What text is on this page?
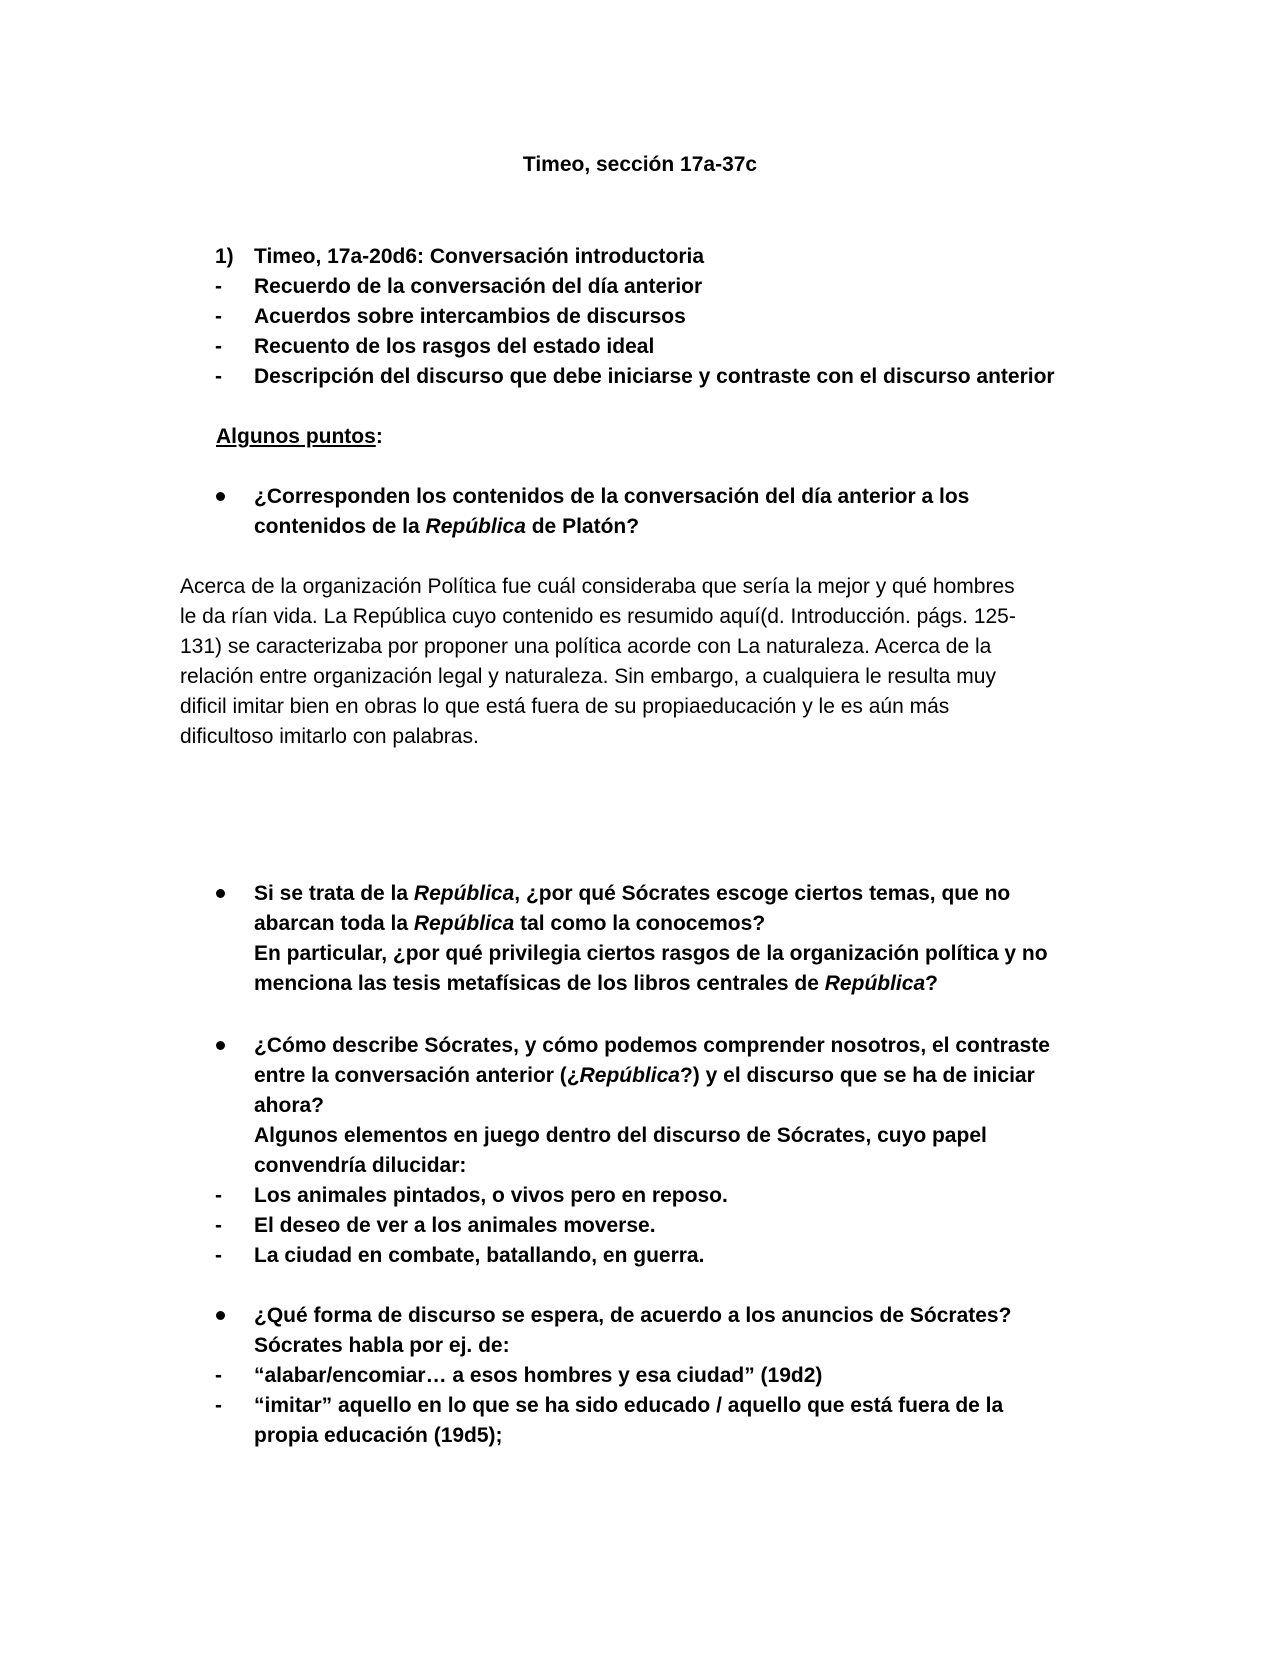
Timeo, sección 17a-37c
1) Timeo, 17a-20d6: Conversación introductoria
- Recuerdo de la conversación del día anterior
- Acuerdos sobre intercambios de discursos
- Recuento de los rasgos del estado ideal
- Descripción del discurso que debe iniciarse y contraste con el discurso anterior
Algunos puntos:
¿Corresponden los contenidos de la conversación del día anterior a los
contenidos de la República de Platón?
Acerca de la organización Política fue cuál consideraba que sería la mejor y qué hombres
le da rían vida. La República cuyo contenido es resumido aquí(d. Introducción. págs. 125-
131) se caracterizaba por proponer una política acorde con La naturaleza. Acerca de la
relación entre organización legal y naturaleza. Sin embargo, a cualquiera le resulta muy
dificil imitar bien en obras lo que está fuera de su propiaeducación y le es aún más
dificultoso imitarlo con palabras.
Si se trata de la República, ¿por qué Sócrates escoge ciertos temas, que no
abarcan toda la República tal como la conocemos?
En particular, ¿por qué privilegia ciertos rasgos de la organización política y no
menciona las tesis metafísicas de los libros centrales de República?
¿Cómo describe Sócrates, y cómo podemos comprender nosotros, el contraste
entre la conversación anterior (¿República?) y el discurso que se ha de iniciar
ahora?
Algunos elementos en juego dentro del discurso de Sócrates, cuyo papel
convendría dilucidar:
- Los animales pintados, o vivos pero en reposo.
- El deseo de ver a los animales moverse.
- La ciudad en combate, batallando, en guerra.
¿Qué forma de discurso se espera, de acuerdo a los anuncios de Sócrates?
Sócrates habla por ej. de:
- “alabar/encomiar… a esos hombres y esa ciudad” (19d2)
- “imitar” aquello en lo que se ha sido educado / aquello que está fuera de la
propia educación (19d5);
